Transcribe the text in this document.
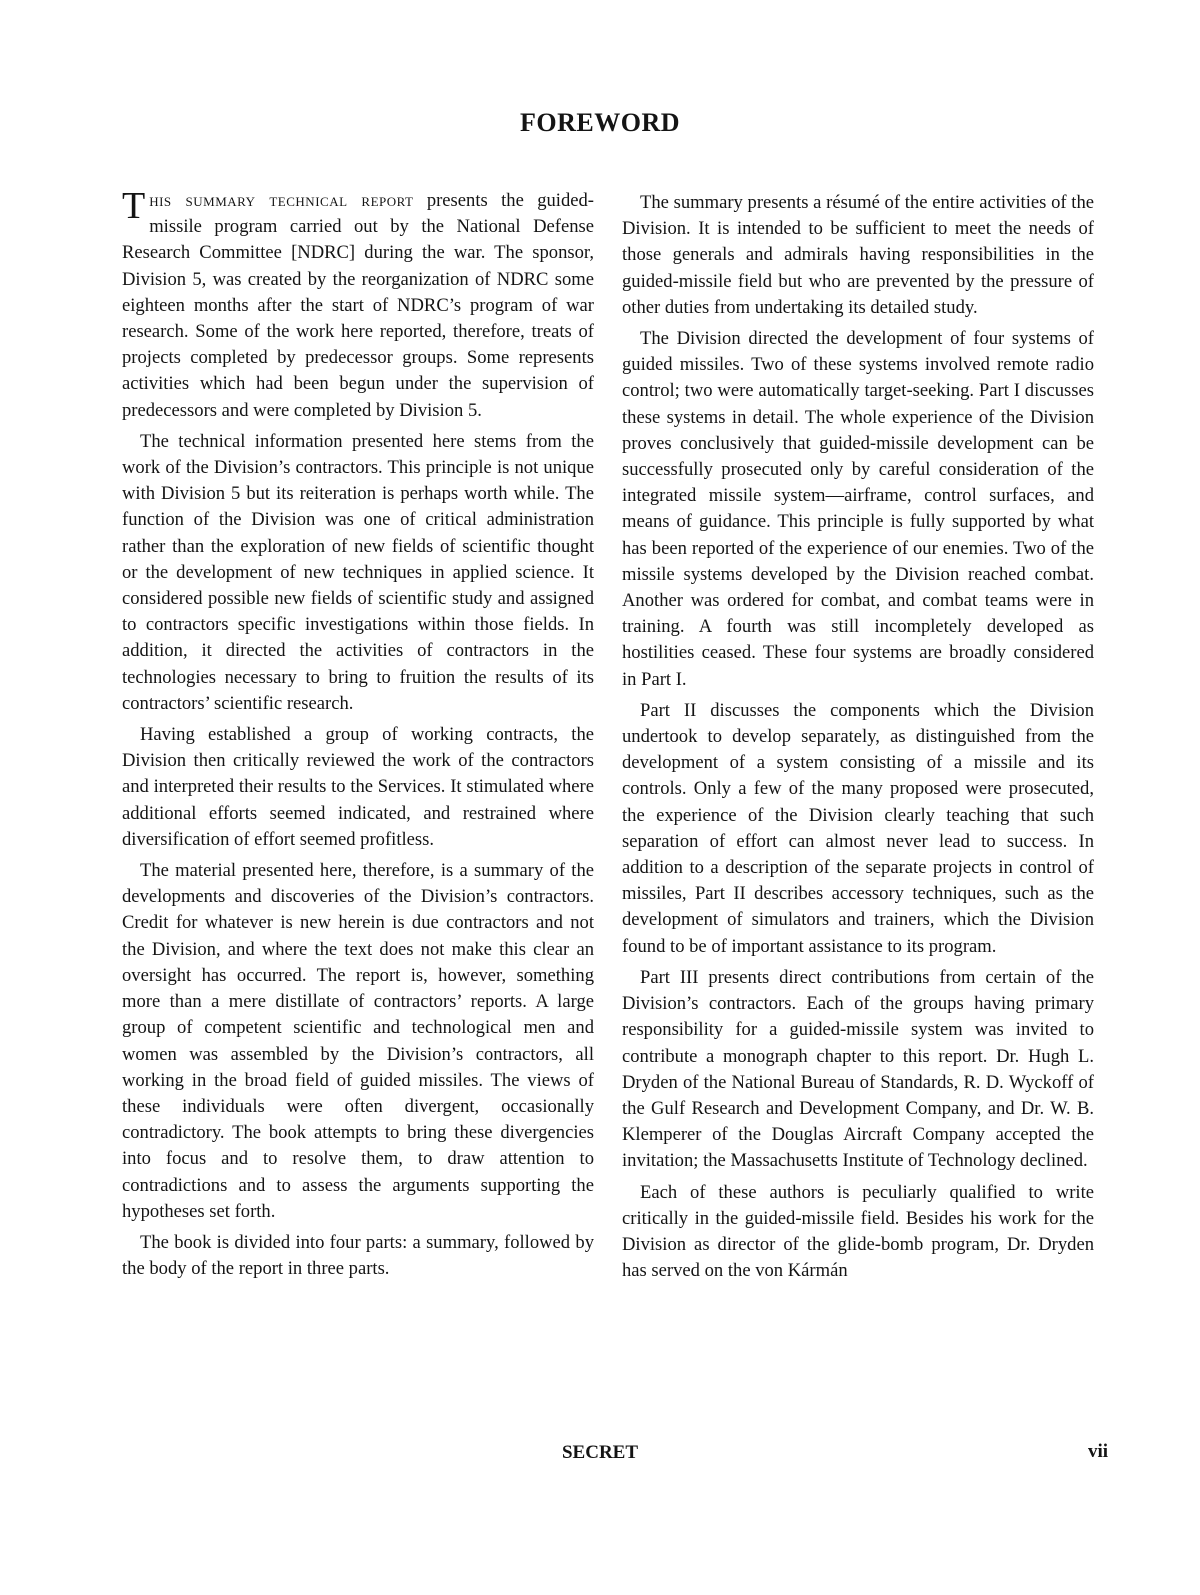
FOREWORD

This summary technical report presents the guided-missile program carried out by the National Defense Research Committee [NDRC] during the war. The sponsor, Division 5, was created by the reorganization of NDRC some eighteen months after the start of NDRC’s program of war research. Some of the work here reported, therefore, treats of projects completed by predecessor groups. Some represents activities which had been begun under the supervision of predecessors and were completed by Division 5.

The technical information presented here stems from the work of the Division’s contractors. This principle is not unique with Division 5 but its reiteration is perhaps worth while. The function of the Division was one of critical administration rather than the exploration of new fields of scientific thought or the development of new techniques in applied science. It considered possible new fields of scientific study and assigned to contractors specific investigations within those fields. In addition, it directed the activities of contractors in the technologies necessary to bring to fruition the results of its contractors’ scientific research.

Having established a group of working contracts, the Division then critically reviewed the work of the contractors and interpreted their results to the Services. It stimulated where additional efforts seemed indicated, and restrained where diversification of effort seemed profitless.

The material presented here, therefore, is a summary of the developments and discoveries of the Division’s contractors. Credit for whatever is new herein is due contractors and not the Division, and where the text does not make this clear an oversight has occurred. The report is, however, something more than a mere distillate of contractors’ reports. A large group of competent scientific and technological men and women was assembled by the Division’s contractors, all working in the broad field of guided missiles. The views of these individuals were often divergent, occasionally contradictory. The book attempts to bring these divergencies into focus and to resolve them, to draw attention to contradictions and to assess the arguments supporting the hypotheses set forth.

The book is divided into four parts: a summary, followed by the body of the report in three parts.

The summary presents a résumé of the entire activities of the Division. It is intended to be sufficient to meet the needs of those generals and admirals having responsibilities in the guided-missile field but who are prevented by the pressure of other duties from undertaking its detailed study.

The Division directed the development of four systems of guided missiles. Two of these systems involved remote radio control; two were automatically target-seeking. Part I discusses these systems in detail. The whole experience of the Division proves conclusively that guided-missile development can be successfully prosecuted only by careful consideration of the integrated missile system—airframe, control surfaces, and means of guidance. This principle is fully supported by what has been reported of the experience of our enemies. Two of the missile systems developed by the Division reached combat. Another was ordered for combat, and combat teams were in training. A fourth was still incompletely developed as hostilities ceased. These four systems are broadly considered in Part I.

Part II discusses the components which the Division undertook to develop separately, as distinguished from the development of a system consisting of a missile and its controls. Only a few of the many proposed were prosecuted, the experience of the Division clearly teaching that such separation of effort can almost never lead to success. In addition to a description of the separate projects in control of missiles, Part II describes accessory techniques, such as the development of simulators and trainers, which the Division found to be of important assistance to its program.

Part III presents direct contributions from certain of the Division’s contractors. Each of the groups having primary responsibility for a guided-missile system was invited to contribute a monograph chapter to this report. Dr. Hugh L. Dryden of the National Bureau of Standards, R. D. Wyckoff of the Gulf Research and Development Company, and Dr. W. B. Klemperer of the Douglas Aircraft Company accepted the invitation; the Massachusetts Institute of Technology declined.

Each of these authors is peculiarly qualified to write critically in the guided-missile field. Besides his work for the Division as director of the glide-bomb program, Dr. Dryden has served on the von Kármán

SECRET	vii
